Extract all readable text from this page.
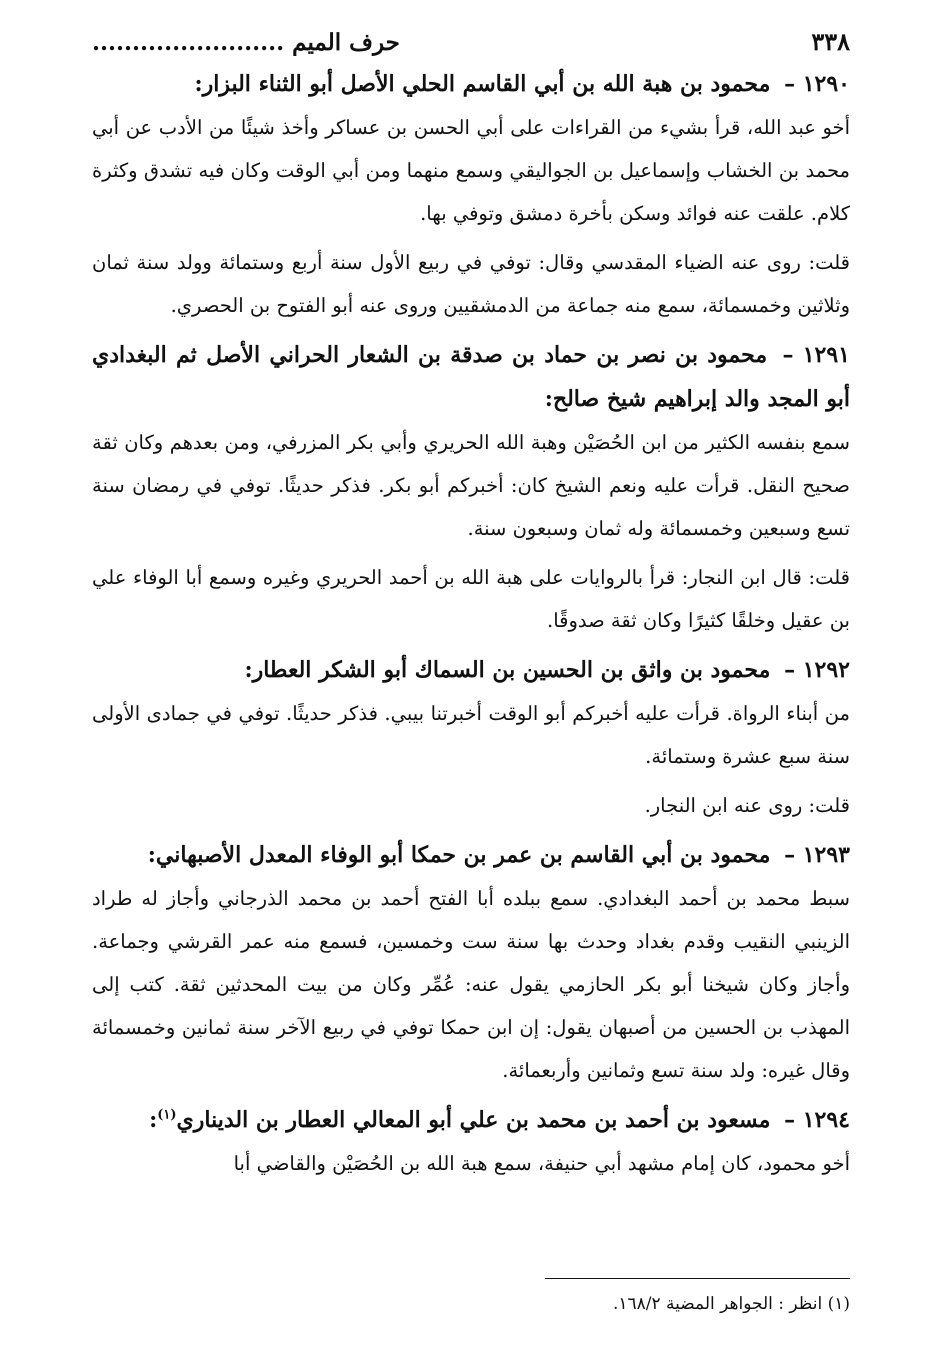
٣٣٨
حرف الميم ........................

١٢٩٠ – محمود بن هبة الله بن أبي القاسم الحلي الأصل أبو الثناء البزار:

أخو عبد الله، قرأ بشيء من القراءات على أبي الحسن بن عساكر وأخذ شيئًا من الأدب عن أبي محمد بن الخشاب وإسماعيل بن الجواليقي وسمع منهما ومن أبي الوقت وكان فيه تشدق وكثرة كلام. علقت عنه فوائد وسكن بأخرة دمشق وتوفي بها.

قلت: روى عنه الضياء المقدسي وقال: توفي في ربيع الأول سنة أربع وستمائة وولد سنة ثمان وثلاثين وخمسمائة، سمع منه جماعة من الدمشقيين وروى عنه أبو الفتوح بن الحصري.

١٢٩١ – محمود بن نصر بن حماد بن صدقة بن الشعار الحراني الأصل ثم البغدادي أبو المجد والد إبراهيم شيخ صالح:

سمع بنفسه الكثير من ابن الحُصَيْن وهبة الله الحريري وأبي بكر المزرفي، ومن بعدهم وكان ثقة صحيح النقل. قرأت عليه ونعم الشيخ كان: أخبركم أبو بكر. فذكر حديثًا. توفي في رمضان سنة تسع وسبعين وخمسمائة وله ثمان وسبعون سنة.

قلت: قال ابن النجار: قرأ بالروايات على هبة الله بن أحمد الحريري وغيره وسمع أبا الوفاء علي بن عقيل وخلقًا كثيرًا وكان ثقة صدوقًا.

١٢٩٢ – محمود بن واثق بن الحسين بن السماك أبو الشكر العطار:

من أبناء الرواة. قرأت عليه أخبركم أبو الوقت أخبرتنا بيبي. فذكر حديثًا. توفي في جمادى الأولى سنة سبع عشرة وستمائة.

قلت: روى عنه ابن النجار.

١٢٩٣ – محمود بن أبي القاسم بن عمر بن حمكا أبو الوفاء المعدل الأصبهاني:

سبط محمد بن أحمد البغدادي. سمع ببلده أبا الفتح أحمد بن محمد الذرجاني وأجاز له طراد الزينبي النقيب وقدم بغداد وحدث بها سنة ست وخمسين، فسمع منه عمر القرشي وجماعة. وأجاز وكان شيخنا أبو بكر الحازمي يقول عنه: عُمِّر وكان من بيت المحدثين ثقة. كتب إلى المهذب بن الحسين من أصبهان يقول: إن ابن حمكا توفي في ربيع الآخر سنة ثمانين وخمسمائة وقال غيره: ولد سنة تسع وثمانين وأربعمائة.

١٢٩٤ – مسعود بن أحمد بن محمد بن علي أبو المعالي العطار بن الديناري$^{(١)}$:

أخو محمود، كان إمام مشهد أبي حنيفة، سمع هبة الله بن الحُصَيْن والقاضي أبا

(١) انظر : الجواهر المضية ١٦٨/٢.
